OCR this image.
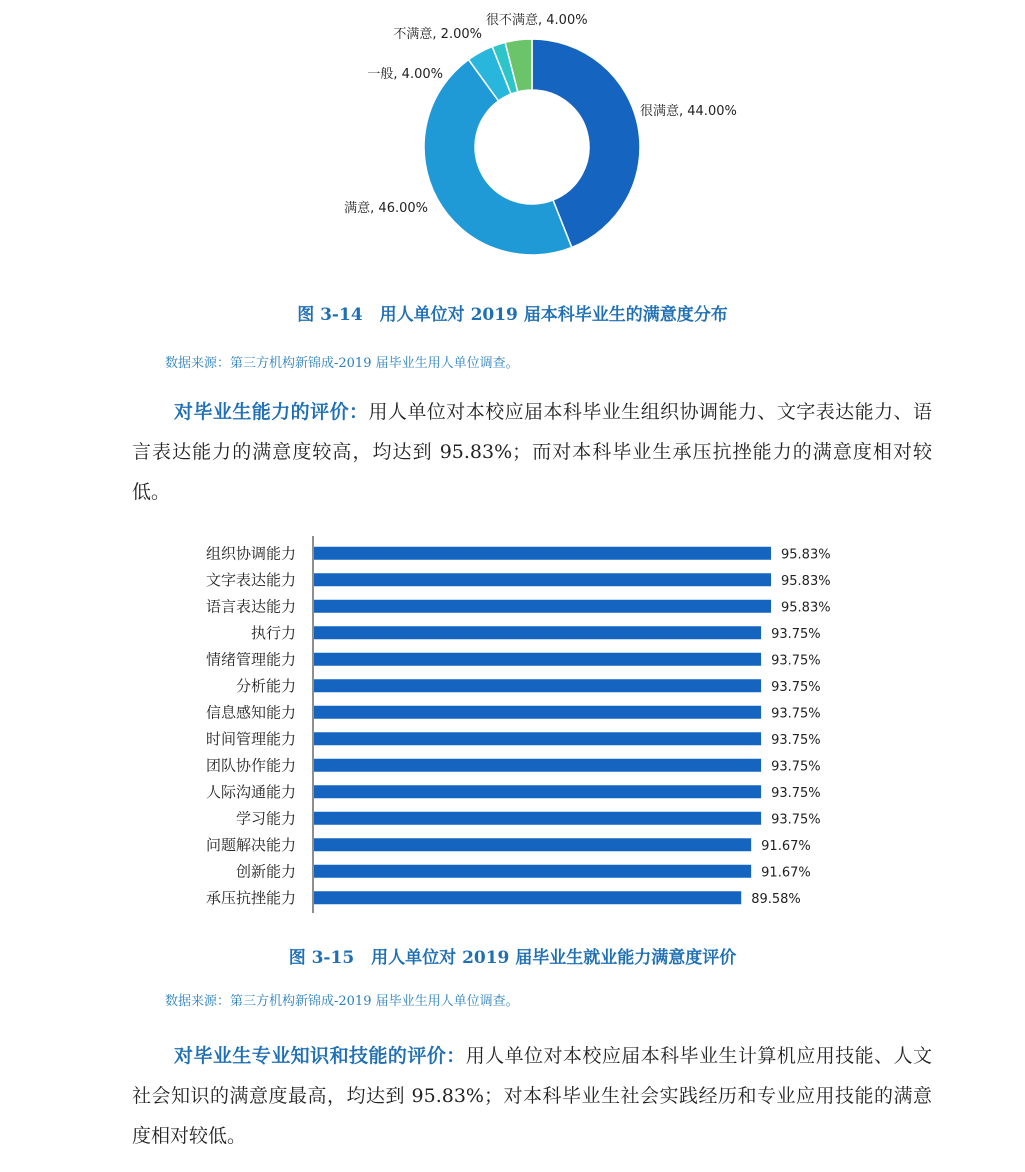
很满意, 44.00%
满意, 46.00%
一般, 4.00%
不满意, 2.00%
很不满意, 4.00%
图 3-14　用人单位对 2019 届本科毕业生的满意度分布
数据来源：第三方机构新锦成-2019 届毕业生用人单位调查。
对毕业生能力的评价：用人单位对本校应届本科毕业生组织协调能力、文字表达能力、语言表达能力的满意度较高，均达到 95.83%；而对本科毕业生承压抗挫能力的满意度相对较低。
组织协调能力	95.83%
文字表达能力	95.83%
语言表达能力	95.83%
执行力	93.75%
情绪管理能力	93.75%
分析能力	93.75%
信息感知能力	93.75%
时间管理能力	93.75%
团队协作能力	93.75%
人际沟通能力	93.75%
学习能力	93.75%
问题解决能力	91.67%
创新能力	91.67%
承压抗挫能力	89.58%
图 3-15　用人单位对 2019 届毕业生就业能力满意度评价
数据来源：第三方机构新锦成-2019 届毕业生用人单位调查。
对毕业生专业知识和技能的评价：用人单位对本校应届本科毕业生计算机应用技能、人文社会知识的满意度最高，均达到 95.83%；对本科毕业生社会实践经历和专业应用技能的满意度相对较低。
